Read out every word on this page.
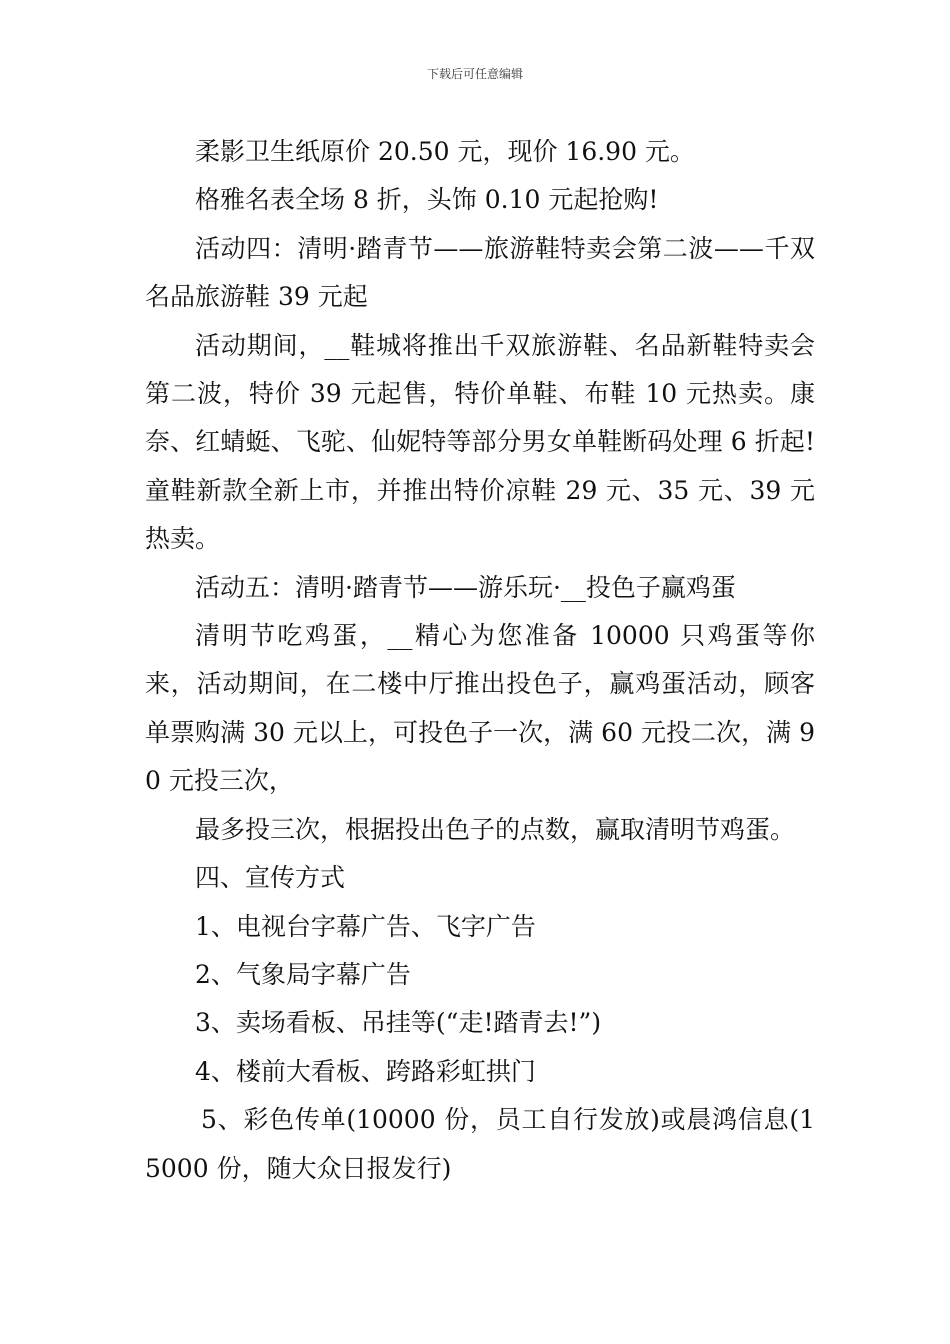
下载后可任意编辑

柔影卫生纸原价 20.50 元，现价 16.90 元。

格雅名表全场 8 折，头饰 0.10 元起抢购!

活动四：清明·踏青节——旅游鞋特卖会第二波——千双名品旅游鞋 39 元起

活动期间，__鞋城将推出千双旅游鞋、名品新鞋特卖会第二波，特价 39 元起售，特价单鞋、布鞋 10 元热卖。康奈、红蜻蜓、飞驼、仙妮特等部分男女单鞋断码处理 6 折起!童鞋新款全新上市，并推出特价凉鞋 29 元、35 元、39 元热卖。

活动五：清明·踏青节——游乐玩·__投色子赢鸡蛋

清明节吃鸡蛋，__精心为您准备 10000 只鸡蛋等你来，活动期间，在二楼中厅推出投色子，赢鸡蛋活动，顾客单票购满 30 元以上，可投色子一次，满 60 元投二次，满 90 元投三次，

最多投三次，根据投出色子的点数，赢取清明节鸡蛋。

四、宣传方式

1、电视台字幕广告、飞字广告

2、气象局字幕广告

3、卖场看板、吊挂等(“走!踏青去!”)

4、楼前大看板、跨路彩虹拱门

5、彩色传单(10000 份，员工自行发放)或晨鸿信息(15000 份，随大众日报发行)
